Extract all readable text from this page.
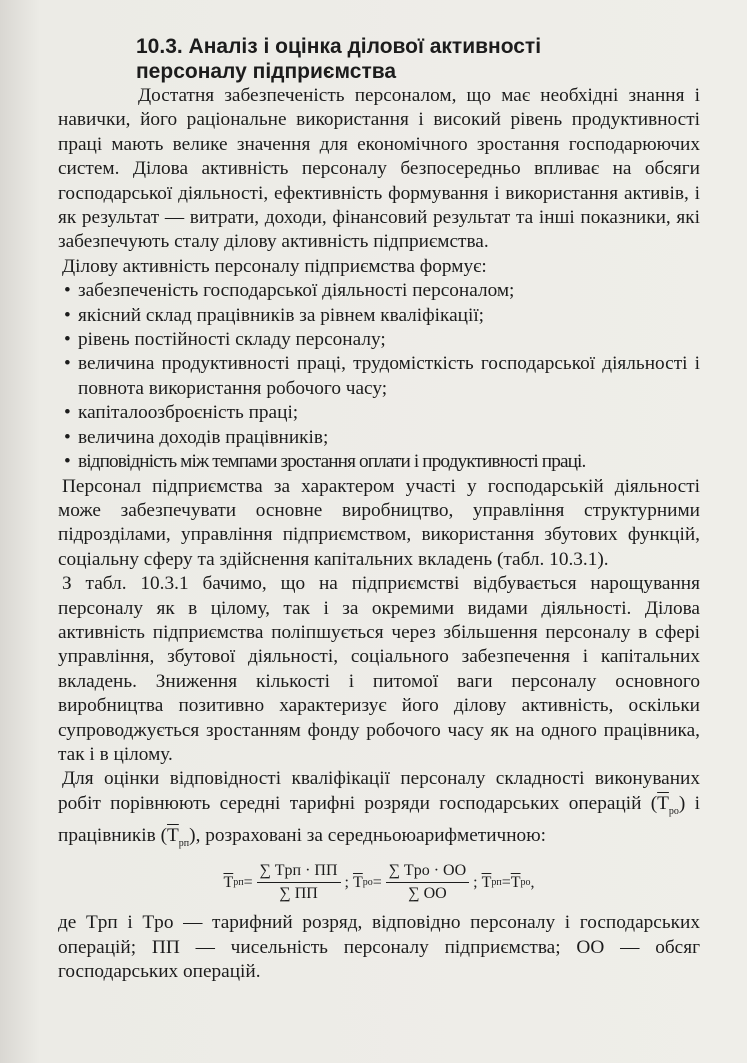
10.3. Аналіз і оцінка ділової активності
персоналу підприємства

Достатня забезпеченість персоналом, що має необхідні знання і навички, його раціональне використання і високий рівень продуктивності праці мають велике значення для економічного зростання господарюючих систем. Ділова активність персоналу безпосередньо впливає на обсяги господарської діяльності, ефективність формування і використання активів, і як результат — витрати, доходи, фінансовий результат та інші показники, які забезпечують сталу ділову активність підприємства.

Ділову активність персоналу підприємства формує:

• забезпеченість господарської діяльності персоналом;
• якісний склад працівників за рівнем кваліфікації;
• рівень постійності складу персоналу;
• величина продуктивності праці, трудомісткість господарської діяльності і повнота використання робочого часу;
• капіталоозброєність праці;
• величина доходів працівників;
• відповідність між темпами зростання оплати і продуктивності праці.

Персонал підприємства за характером участі у господарській діяльності може забезпечувати основне виробництво, управління структурними підрозділами, управління підприємством, використання збутових функцій, соціальну сферу та здійснення капітальних вкладень (табл. 10.3.1).

З табл. 10.3.1 бачимо, що на підприємстві відбувається нарощування персоналу як в цілому, так і за окремими видами діяльності. Ділова активність підприємства поліпшується через збільшення персоналу в сфері управління, збутової діяльності, соціального забезпечення і капітальних вкладень. Зниження кількості і питомої ваги персоналу основного виробництва позитивно характеризує його ділову активність, оскільки супроводжується зростанням фонду робочого часу як на одного працівника, так і в цілому.

Для оцінки відповідності кваліфікації персоналу складності виконуваних робіт порівнюють середні тарифні розряди господарських операцій $(\overline{T}_{ро})$ і працівників $(\overline{T}_{рп})$, розраховані за середньоюарифметичною:

$\overline{T}$ рп = $\frac{\text{∑ Tрп · ПП}}{\sum ПП}$ ;
$\overline{T}$ ро = $\frac{\text{∑ Tро · ОО}}{\sum ОО}$ ;
$\overline{T}$ рп = $\overline{T}$ ро ,

де Tрп і Tро — тарифний розряд, відповідно персоналу і господарських операцій; ПП — чисельність персоналу підприємства; ОО — обсяг господарських операцій.
